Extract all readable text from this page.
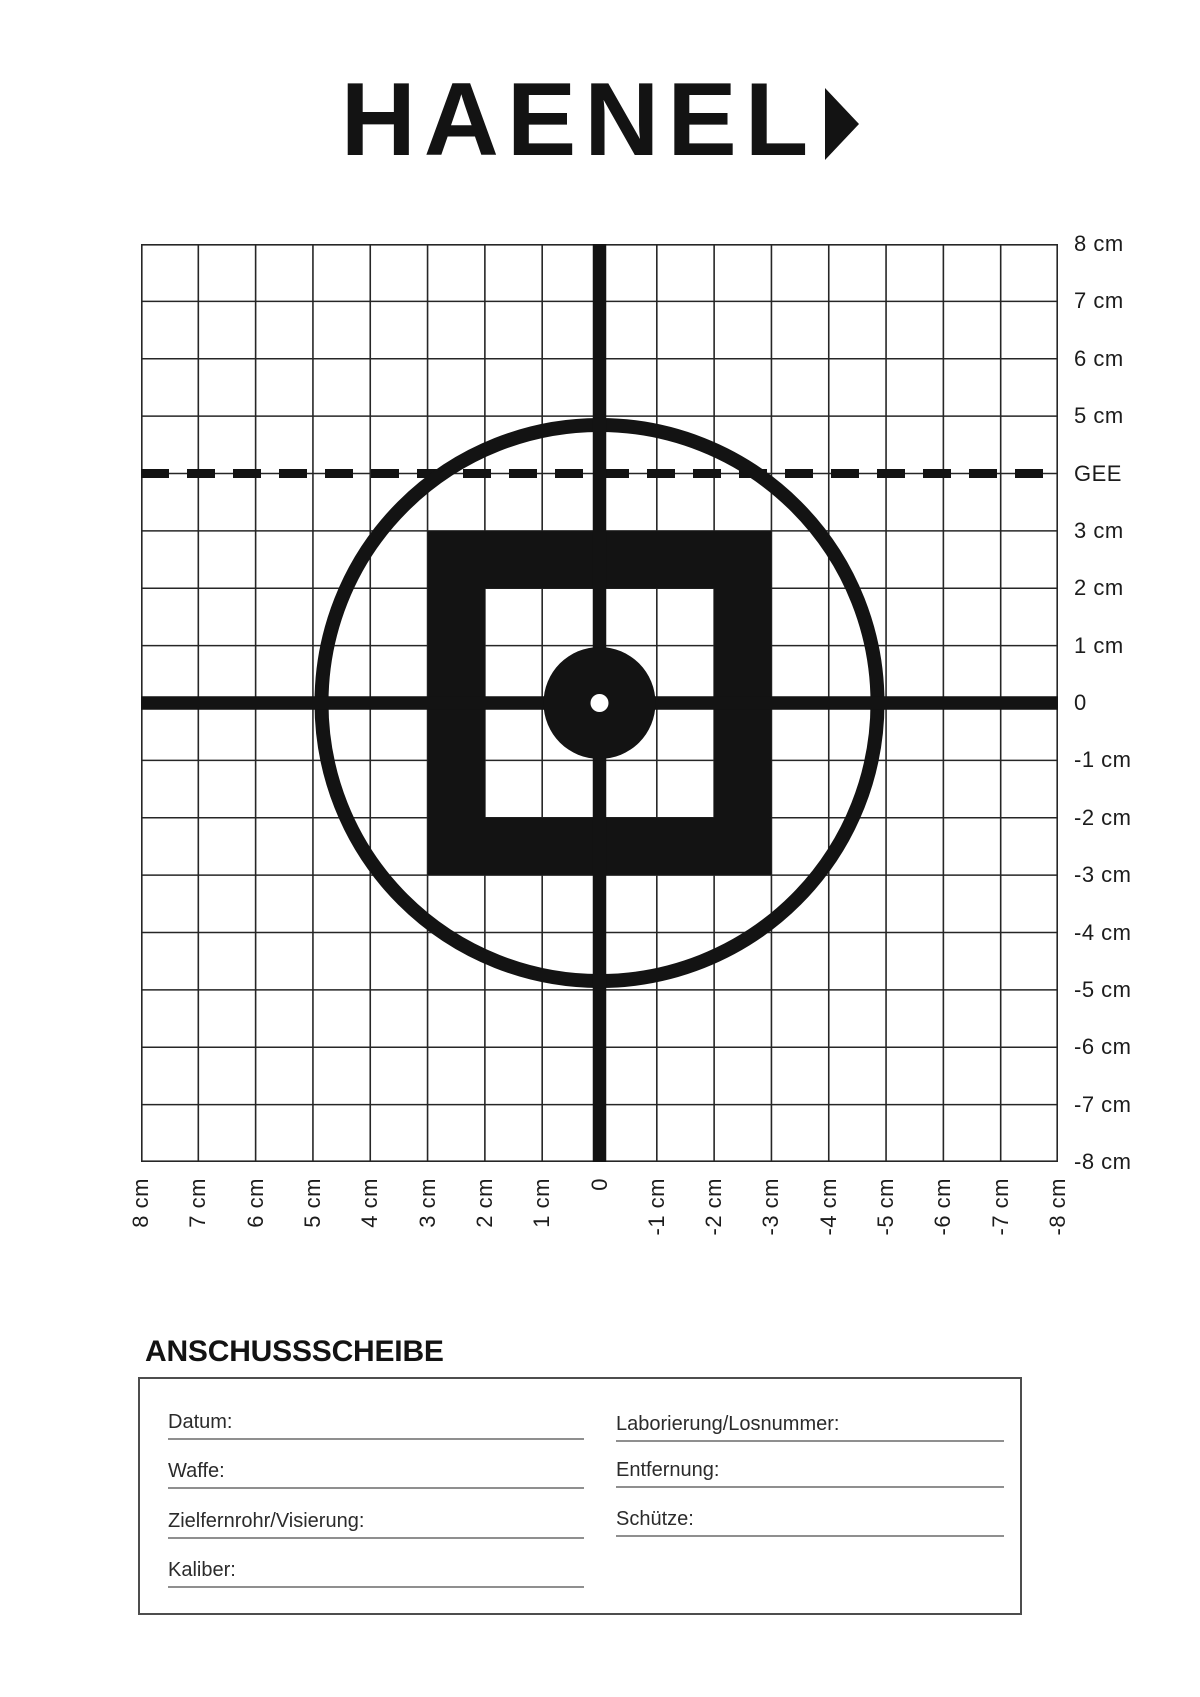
HAENEL
8 cm
7 cm
6 cm
5 cm
GEE
3 cm
2 cm
1 cm
0
-1 cm
-2 cm
-3 cm
-4 cm
-5 cm
-6 cm
-7 cm
-8 cm
8 cm 7 cm 6 cm 5 cm 4 cm 3 cm 2 cm 1 cm 0 -1 cm -2 cm -3 cm -4 cm -5 cm -6 cm -7 cm -8 cm
ANSCHUSSSCHEIBE
Datum:
Waffe:
Zielfernrohr/Visierung:
Kaliber:
Laborierung/Losnummer:
Entfernung:
Schütze:
